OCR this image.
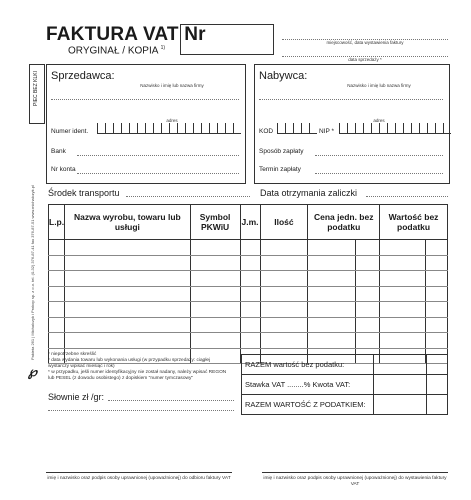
FAKTURA VAT Nr
ORYGINAŁ / KOPIA $^{1)}$
miejscowość, data wystawienia faktury
data sprzedaży *
PIEC BEZ KLKI
Pakieta 261 | Michalczyk i Prokop sp. z o.o. tel. (0-32) 376-87-41 fax 376-87-51 www.michalczyk.pl
℘
Sprzedawca:
Nazwisko i imię lub nazwa firmy
adres
Numer ident.
Bank
Nr konta
Nabywca:
Nazwisko i imię lub nazwa firmy
adres
KOD	NIP *
Sposób zapłaty
Termin zapłaty
Środek transportu	Data otrzymania zaliczki
L.p.	Nazwa wyrobu, towaru lub usługi	Symbol PKWiU	J.m.	Ilość	Cena jedn. bez podatku		Wartość bez podatku	

* niepotrzebne skreślić
* data wydania towaru lub wykonania usługi (w przypadku sprzedaży: ciągłej wystarczy wpisać miesiąc i rok)
* w przypadku, jeśli numer identyfikacyjny nie został nadany, należy wpisać REGON lub PESEL (z dowodu osobistego) z dopiskiem "numer tymczasowy"
Słownie zł /gr:
RAZEM wartość bez podatku:		
Stawka VAT ........% Kwota VAT:		
RAZEM WARTOŚĆ Z PODATKIEM:		
imię i nazwisko oraz podpis osoby uprawnionej (upoważnionej) do odbioru faktury VAT	imię i nazwisko oraz podpis osoby uprawnionej (upoważnionej) do wystawienia faktury VAT
